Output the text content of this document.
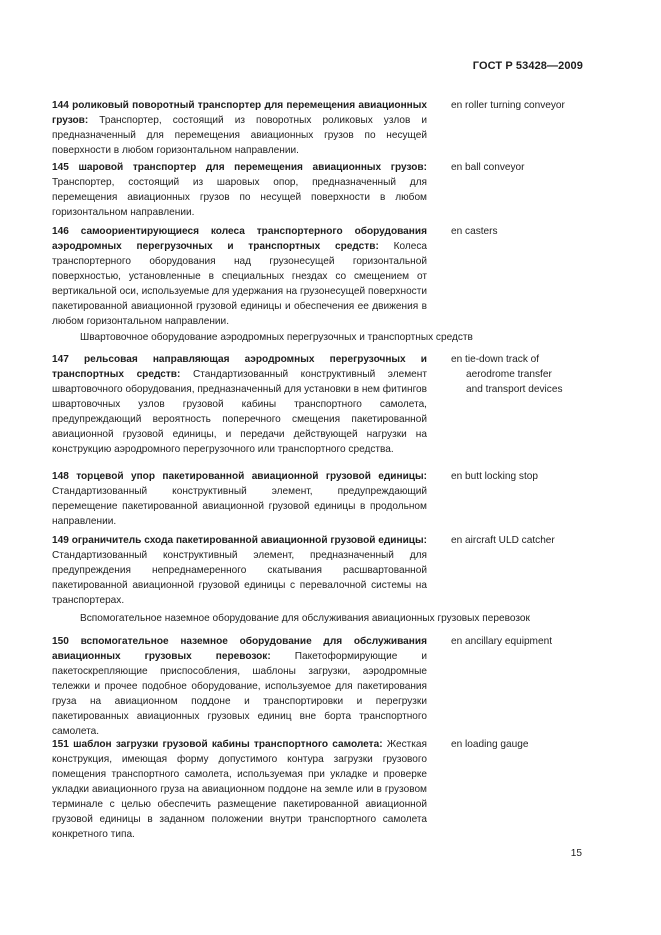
ГОСТ Р 53428—2009
144 роликовый поворотный транспортер для перемещения авиационных грузов: Транспортер, состоящий из поворотных роликовых узлов и предназначенный для перемещения авиационных грузов по несущей поверхности в любом горизонтальном направлении.
en roller turning conveyor
145 шаровой транспортер для перемещения авиационных грузов: Транспортер, состоящий из шаровых опор, предназначенный для перемещения авиационных грузов по несущей поверхности в любом горизонтальном направлении.
en ball conveyor
146 самоориентирующиеся колеса транспортерного оборудования аэродромных перегрузочных и транспортных средств: Колеса транспортерного оборудования над грузонесущей горизонтальной поверхностью, установленные в специальных гнездах со смещением от вертикальной оси, используемые для удержания на грузонесущей поверхности пакетированной авиационной грузовой единицы и обеспечения ее движения в любом горизонтальном направлении.
en casters
Швартовочное оборудование аэродромных перегрузочных и транспортных средств
147 рельсовая направляющая аэродромных перегрузочных и транспортных средств: Стандартизованный конструктивный элемент швартовочного оборудования, предназначенный для установки в нем фитингов швартовочных узлов грузовой кабины транспортного самолета, предупреждающий вероятность поперечного смещения пакетированной авиационной грузовой единицы, и передачи действующей нагрузки на конструкцию аэродромного перегрузочного или транспортного средства.
en tie-down track of
aerodrome transfer
and transport devices
148 торцевой упор пакетированной авиационной грузовой единицы: Стандартизованный конструктивный элемент, предупреждающий перемещение пакетированной авиационной грузовой единицы в продольном направлении.
en butt locking stop
149 ограничитель схода пакетированной авиационной грузовой единицы: Стандартизованный конструктивный элемент, предназначенный для предупреждения непреднамеренного скатывания расшвартованной пакетированной авиационной грузовой единицы с перевалочной системы на транспортерах.
en aircraft ULD catcher
Вспомогательное наземное оборудование для обслуживания авиационных грузовых перевозок
150 вспомогательное наземное оборудование для обслуживания авиационных грузовых перевозок: Пакетоформирующие и пакетоскрепляющие приспособления, шаблоны загрузки, аэродромные тележки и прочее подобное оборудование, используемое для пакетирования груза на авиационном поддоне и транспортировки и перегрузки пакетированных авиационных грузовых единиц вне борта транспортного самолета.
en ancillary equipment
151 шаблон загрузки грузовой кабины транспортного самолета: Жесткая конструкция, имеющая форму допустимого контура загрузки грузового помещения транспортного самолета, используемая при укладке и проверке укладки авиационного груза на авиационном поддоне на земле или в грузовом терминале с целью обеспечить размещение пакетированной авиационной грузовой единицы в заданном положении внутри транспортного самолета конкретного типа.
en loading gauge
15
